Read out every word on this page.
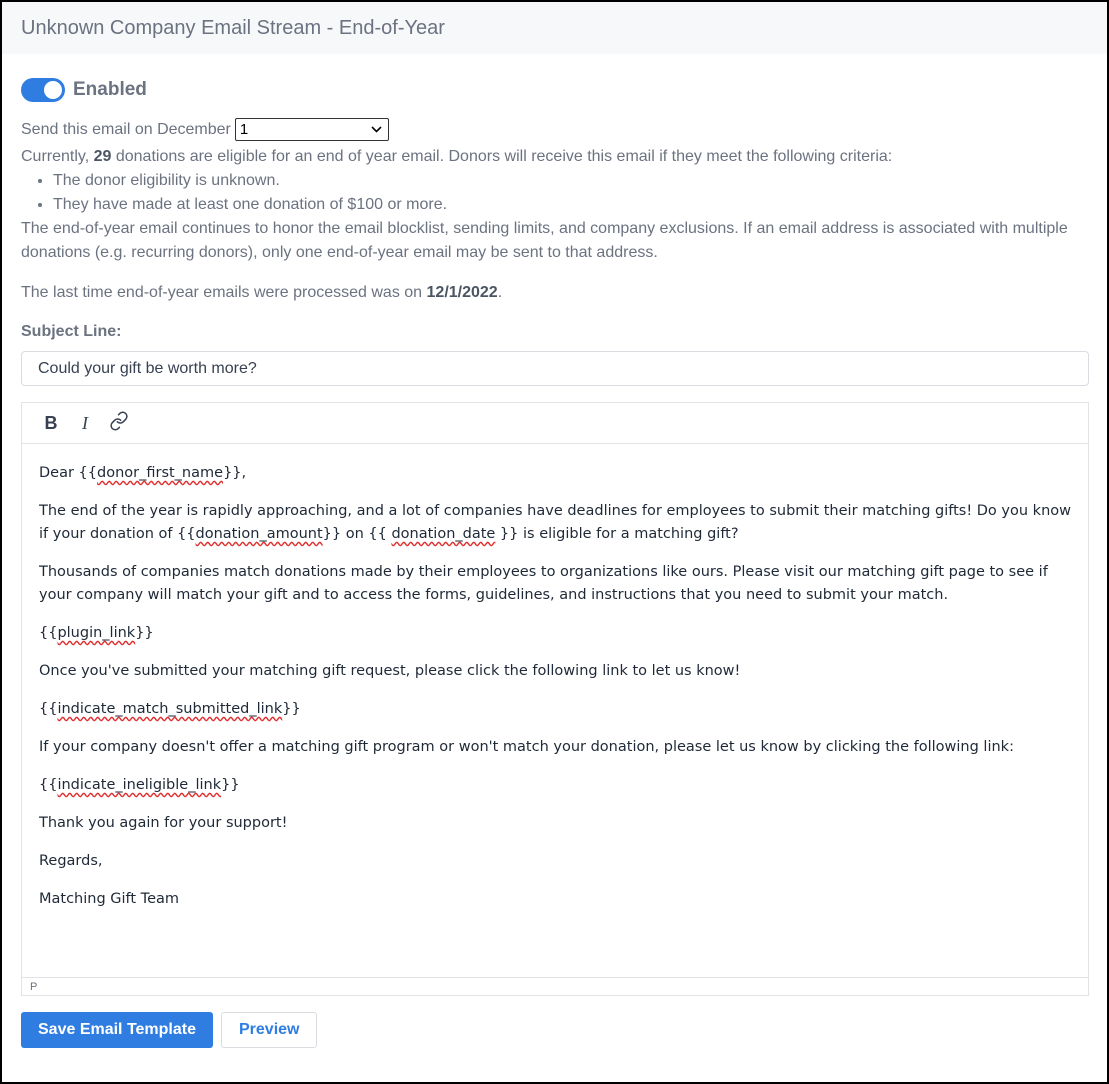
Unknown Company Email Stream - End-of-Year
Enabled
Send this email on December 1
Currently, 29 donations are eligible for an end of year email. Donors will receive this email if they meet the following criteria:
• The donor eligibility is unknown.
• They have made at least one donation of $100 or more.
The end-of-year email continues to honor the email blocklist, sending limits, and company exclusions. If an email address is associated with multiple donations (e.g. recurring donors), only one end-of-year email may be sent to that address.
The last time end-of-year emails were processed was on 12/1/2022.
Subject Line:
Could your gift be worth more?
B	I

Dear {{donor_first_name}},

The end of the year is rapidly approaching, and a lot of companies have deadlines for employees to submit their matching gifts! Do you know if your donation of {{donation_amount}} on {{ donation_date }} is eligible for a matching gift?

Thousands of companies match donations made by their employees to organizations like ours. Please visit our matching gift page to see if your company will match your gift and to access the forms, guidelines, and instructions that you need to submit your match.

{{plugin_link}}

Once you've submitted your matching gift request, please click the following link to let us know!

{{indicate_match_submitted_link}}

If your company doesn't offer a matching gift program or won't match your donation, please let us know by clicking the following link:

{{indicate_ineligible_link}}

Thank you again for your support!

Regards,

Matching Gift Team

P
Save Email Template	Preview
